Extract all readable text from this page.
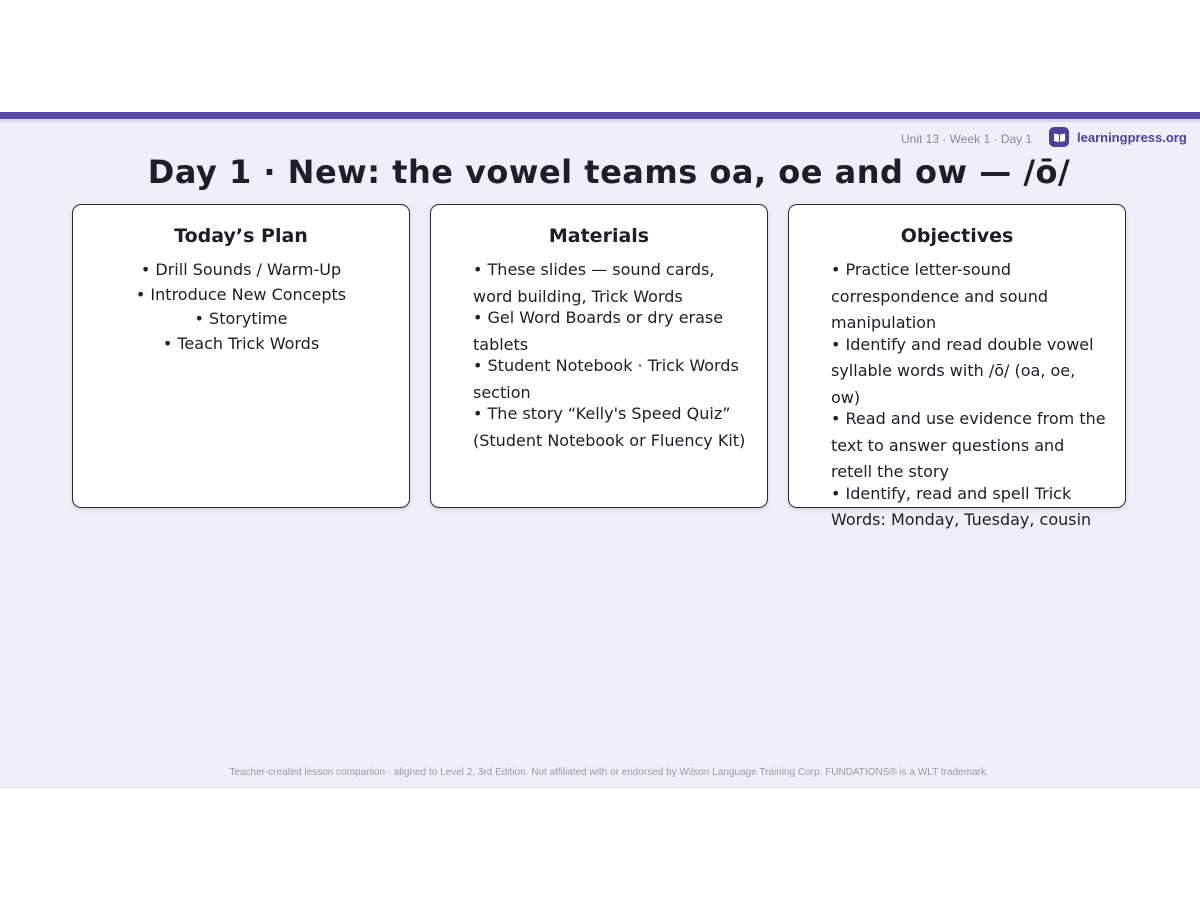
Unit 13 · Week 1 · Day 1	learningpress.org
Day 1 · New: the vowel teams oa, oe and ow — /ō/
Today’s Plan
• Drill Sounds / Warm-Up
• Introduce New Concepts
• Storytime
• Teach Trick Words
Materials
• These slides — sound cards, word building, Trick Words
• Gel Word Boards or dry erase tablets
• Student Notebook · Trick Words section
• The story “Kelly's Speed Quiz” (Student Notebook or Fluency Kit)
Objectives
• Practice letter-sound correspondence and sound manipulation
• Identify and read double vowel syllable words with /ō/ (oa, oe, ow)
• Read and use evidence from the text to answer questions and retell the story
• Identify, read and spell Trick Words: Monday, Tuesday, cousin
Teacher-created lesson companion · aligned to Level 2, 3rd Edition. Not affiliated with or endorsed by Wilson Language Training Corp. FUNDATIONS® is a WLT trademark.
